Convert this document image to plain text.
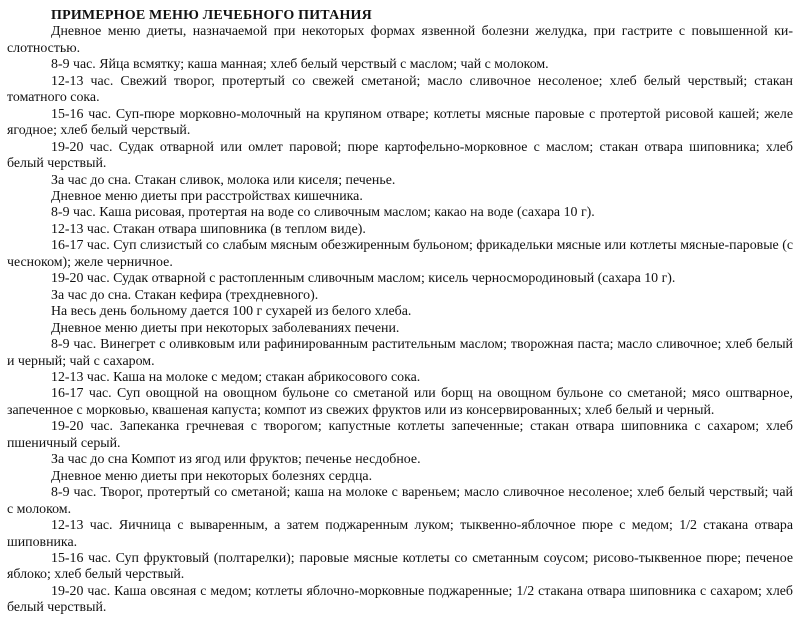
ПРИМЕРНОЕ МЕНЮ ЛЕЧЕБНОГО ПИТАНИЯ

Дневное меню диеты, назначаемой при некоторых формах язвенной болезни желудка, при гастрите с повышенной кислотностью.

8-9 час. Яйца всмятку; каша манная; хлеб белый черствый с маслом; чай с молоком.

12-13 час. Свежий творог, протертый со свежей сметаной; масло сливочное несоленое; хлеб белый черствый; стакан томатного сока.

15-16 час. Суп-пюре морковно-молочный на крупяном отваре; котлеты мясные паровые с протертой рисовой кашей; желе ягодное; хлеб белый черствый.

19-20 час. Судак отварной или омлет паровой; пюре картофельно-морковное с маслом; стакан отвара шиповника; хлеб белый черствый.

За час до сна. Стакан сливок, молока или киселя; печенье.

Дневное меню диеты при расстройствах кишечника.

8-9 час. Каша рисовая, протертая на воде со сливочным маслом; какао на воде (сахара 10 г).

12-13 час. Стакан отвара шиповника (в теплом виде).

16-17 час. Суп слизистый со слабым мясным обезжиренным бульоном; фрикадельки мясные или котлеты мясные-паровые (с чесноком); желе черничное.

19-20 час. Судак отварной с растопленным сливочным маслом; кисель черносмородиновый (сахара 10 г).

За час до сна. Стакан кефира (трехдневного).

На весь день больному дается 100 г сухарей из белого хлеба.

Дневное меню диеты при некоторых заболеваниях печени.

8-9 час. Винегрет с оливковым или рафинированным растительным маслом; творожная паста; масло сливочное; хлеб белый и черный; чай с сахаром.

12-13 час. Каша на молоке с медом; стакан абрикосового сока.

16-17 час. Суп овощной на овощном бульоне со сметаной или борщ на овощном бульоне со сметаной; мясо оштварное, запеченное с морковью, квашеная капуста; компот из свежих фруктов или из консервированных; хлеб белый и черный.

19-20 час. Запеканка гречневая с творогом; капустные котлеты запеченные; стакан отвара шиповника с сахаром; хлеб пшеничный серый.

За час до сна Компот из ягод или фруктов; печенье несдобное.

Дневное меню диеты при некоторых болезнях сердца.

8-9 час. Творог, протертый со сметаной; каша на молоке с вареньем; масло сливочное несоленое; хлеб белый черствый; чай с молоком.

12-13 час. Яичница с вываренным, а затем поджаренным луком; тыквенно-яблочное пюре с медом; 1/2 стакана отвара шиповника.

15-16 час. Суп фруктовый (полтарелки); паровые мясные котлеты со сметанным соусом; рисово-тыквенное пюре; печеное яблоко; хлеб белый черствый.

19-20 час. Каша овсяная с медом; котлеты яблочно-морковные поджаренные; 1/2 стакана отвара шиповника с сахаром; хлеб белый черствый.
